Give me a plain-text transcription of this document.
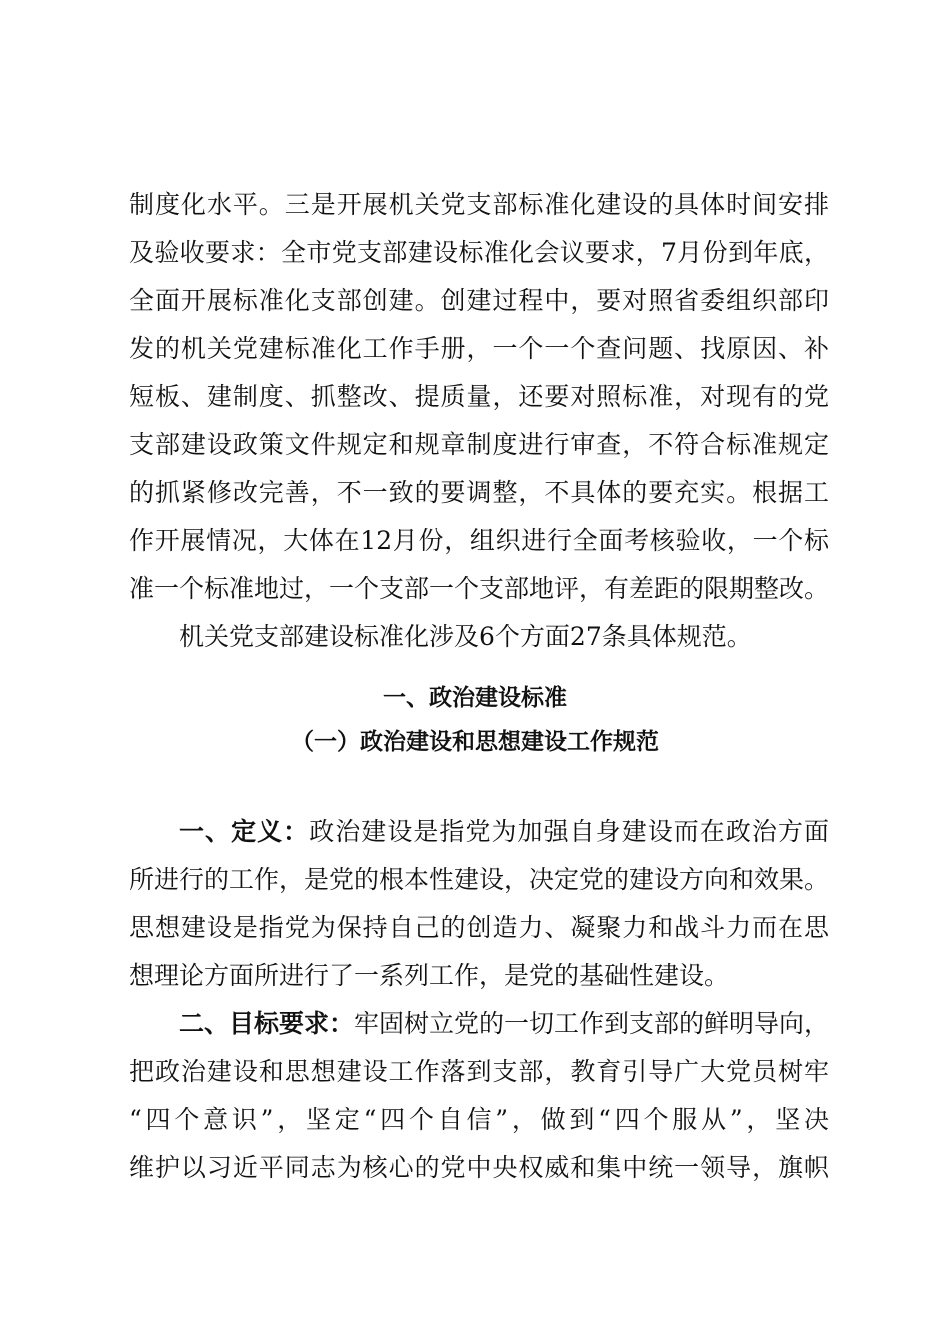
制度化水平。三是开展机关党支部标准化建设的具体时间安排
及验收要求：全市党支部建设标准化会议要求，7月份到年底，
全面开展标准化支部创建。创建过程中，要对照省委组织部印
发的机关党建标准化工作手册，一个一个查问题、找原因、补
短板、建制度、抓整改、提质量，还要对照标准，对现有的党
支部建设政策文件规定和规章制度进行审查，不符合标准规定
的抓紧修改完善，不一致的要调整，不具体的要充实。根据工
作开展情况，大体在12月份，组织进行全面考核验收，一个标
准一个标准地过，一个支部一个支部地评，有差距的限期整改。
机关党支部建设标准化涉及6个方面27条具体规范。
一、政治建设标准
（一）政治建设和思想建设工作规范
一、定义：政治建设是指党为加强自身建设而在政治方面
所进行的工作，是党的根本性建设，决定党的建设方向和效果。
思想建设是指党为保持自己的创造力、凝聚力和战斗力而在思
想理论方面所进行了一系列工作，是党的基础性建设。
二、目标要求：牢固树立党的一切工作到支部的鲜明导向，
把政治建设和思想建设工作落到支部，教育引导广大党员树牢
“四个意识”，坚定“四个自信”，做到“四个服从”，坚决
维护以习近平同志为核心的党中央权威和集中统一领导，旗帜
